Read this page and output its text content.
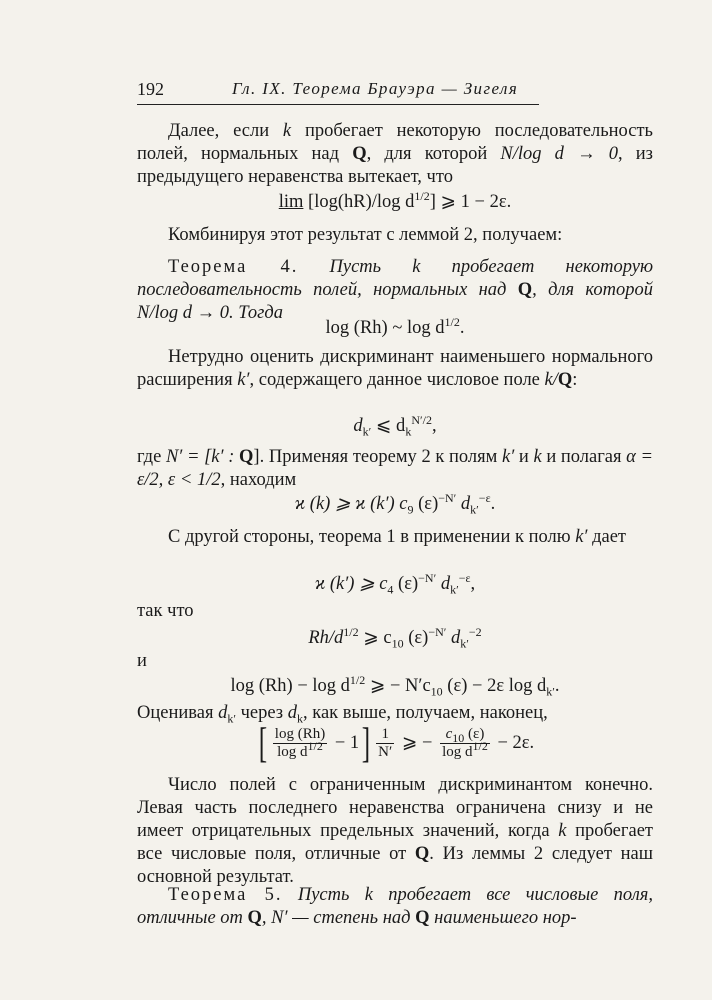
192	Гл. IX. Теорема Брауэра — Зигеля
Далее, если k пробегает некоторую последовательность полей, нормальных над Q, для которой N/log d → 0, из предыдущего неравенства вытекает, что
lim [log(hR)/log $d^{1/2}$] ⩾ 1 − 2ε.
Комбинируя этот результат с леммой 2, получаем:
Теорема 4. Пусть k пробегает некоторую последовательность полей, нормальных над Q, для которой N/log d → 0. Тогда
log (Rh) ~ $\log d^{1/2}$.
Нетрудно оценить дискриминант наименьшего нормального расширения k′, содержащего данное числовое поле k/Q:
$d_{k'}$ ⩽ $d_k^{N'/2}$,
где N′ = [k′ : Q]. Применяя теорему 2 к полям k′ и k и полагая α = ε/2, ε < 1/2, находим
ϰ (k) ⩾ ϰ (k′) $c_9$ $(\varepsilon)^{-N'}$ $d_{k'}^{-\varepsilon}$.
С другой стороны, теорема 1 в применении к полю k′ дает
ϰ (k′) ⩾ $c_4$ $(\varepsilon)^{-N'}$ $d_{k'}^{-\varepsilon}$,
так что
$Rh/d^{1/2}$ ⩾ $c_{10}$ $(\varepsilon)^{-N'}$ $d_{k'}^{-2}$
и
$\log (Rh) - \log d^{1/2}$ ⩾ − $N'c_{10}$ (ε) − 2ε $\log d_{k'}$.
Оценивая $d_{k'}$ через $d_k$, как выше, получаем, наконец,
[ $\frac{\log (Rh)}{\log d^{1/2}} - 1] \frac{1}{N'}$ ⩾ − $\frac{c_{10} (\varepsilon)}{\log d^{1/2}} - 2\varepsilon$.
Число полей с ограниченным дискриминантом конечно. Левая часть последнего неравенства ограничена снизу и не имеет отрицательных предельных значений, когда k пробегает все числовые поля, отличные от Q. Из леммы 2 следует наш основной результат.
Теорема 5. Пусть k пробегает все числовые поля, отличные от Q, N′ — степень над Q наименьшего нор-
